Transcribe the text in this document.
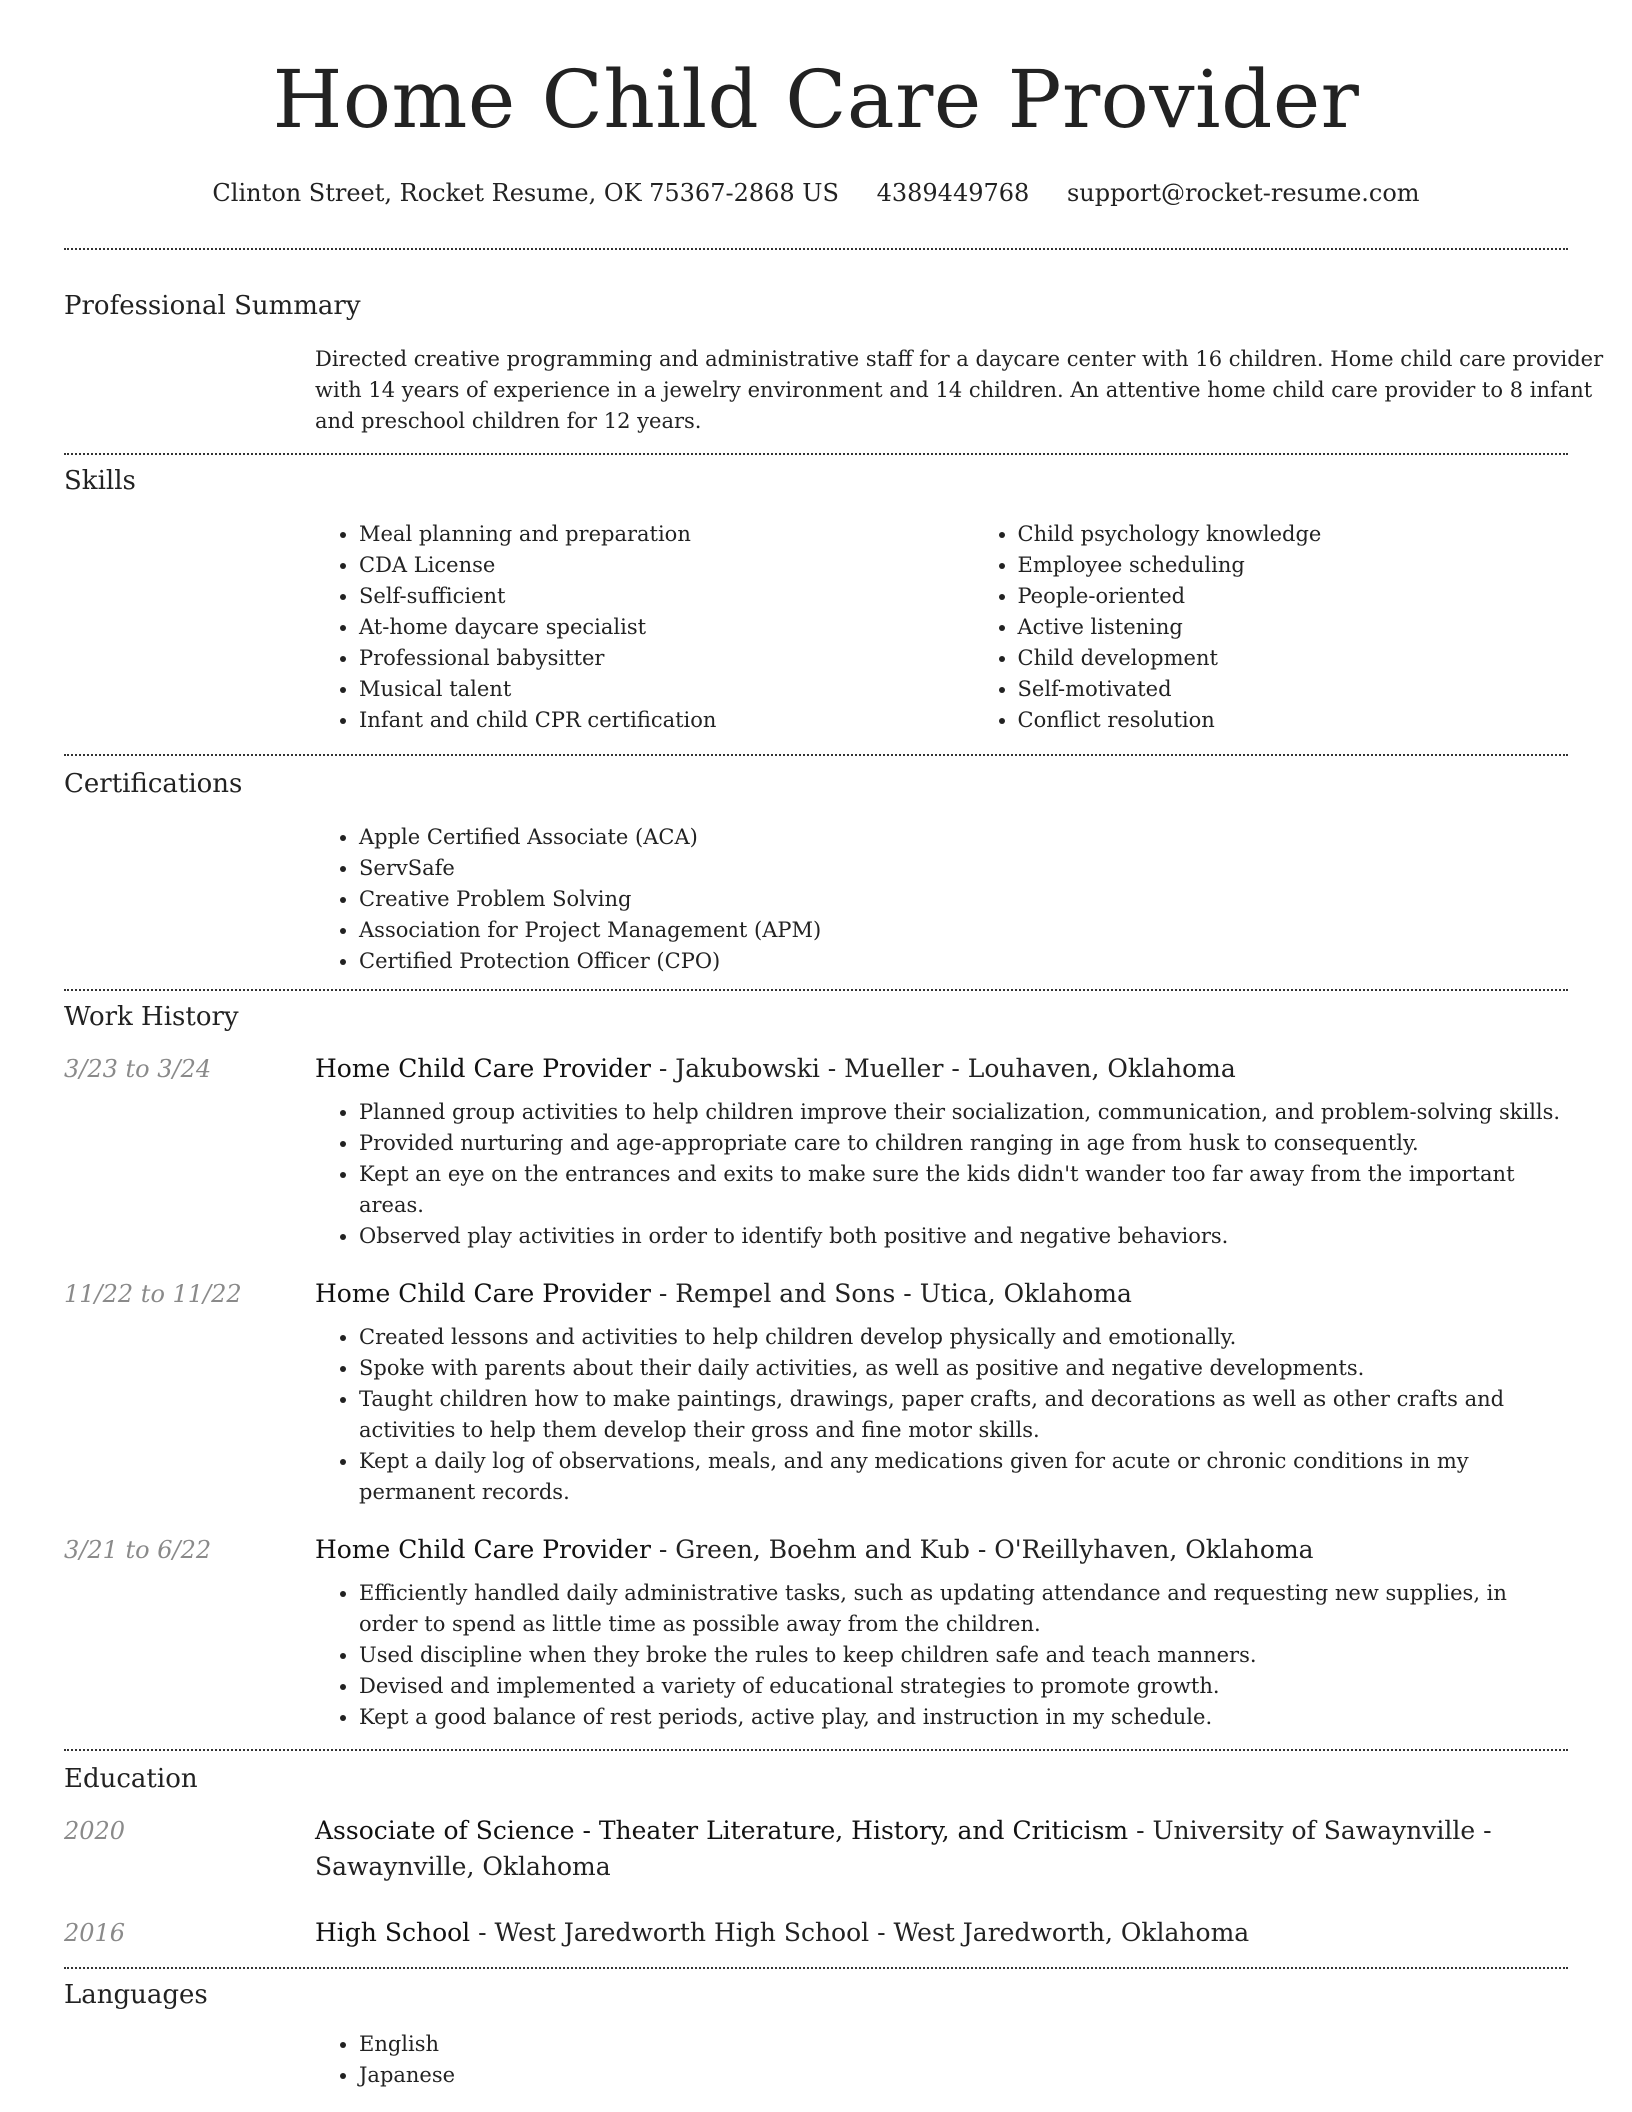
Home Child Care Provider
Clinton Street, Rocket Resume, OK 75367-2868 US 4389449768 support@rocket-resume.com
Professional Summary

Directed creative programming and administrative staff for a daycare center with 16 children. Home child care provider with 14 years of experience in a jewelry environment and 14 children. An attentive home child care provider to 8 infant and preschool children for 12 years.

Skills
• Meal planning and preparation
• CDA License
• Self-sufficient
• At-home daycare specialist
• Professional babysitter
• Musical talent
• Infant and child CPR certification
• Child psychology knowledge
• Employee scheduling
• People-oriented
• Active listening
• Child development
• Self-motivated
• Conflict resolution
Certifications
• Apple Certified Associate (ACA)
• ServSafe
• Creative Problem Solving
• Association for Project Management (APM)
• Certified Protection Officer (CPO)
Work History
3/23 to 3/24	Home Child Care Provider - Jakubowski - Mueller - Louhaven, Oklahoma
• Planned group activities to help children improve their socialization, communication, and problem-solving skills.
• Provided nurturing and age-appropriate care to children ranging in age from husk to consequently.
• Kept an eye on the entrances and exits to make sure the kids didn't wander too far away from the important areas.
• Observed play activities in order to identify both positive and negative behaviors.
11/22 to 11/22	Home Child Care Provider - Rempel and Sons - Utica, Oklahoma
• Created lessons and activities to help children develop physically and emotionally.
• Spoke with parents about their daily activities, as well as positive and negative developments.
• Taught children how to make paintings, drawings, paper crafts, and decorations as well as other crafts and activities to help them develop their gross and fine motor skills.
• Kept a daily log of observations, meals, and any medications given for acute or chronic conditions in my permanent records.
3/21 to 6/22	Home Child Care Provider - Green, Boehm and Kub - O'Reillyhaven, Oklahoma
• Efficiently handled daily administrative tasks, such as updating attendance and requesting new supplies, in order to spend as little time as possible away from the children.
• Used discipline when they broke the rules to keep children safe and teach manners.
• Devised and implemented a variety of educational strategies to promote growth.
• Kept a good balance of rest periods, active play, and instruction in my schedule.
Education
2020	Associate of Science - Theater Literature, History, and Criticism - University of Sawaynville - Sawaynville, Oklahoma
2016	High School - West Jaredworth High School - West Jaredworth, Oklahoma
Languages
• English
• Japanese
